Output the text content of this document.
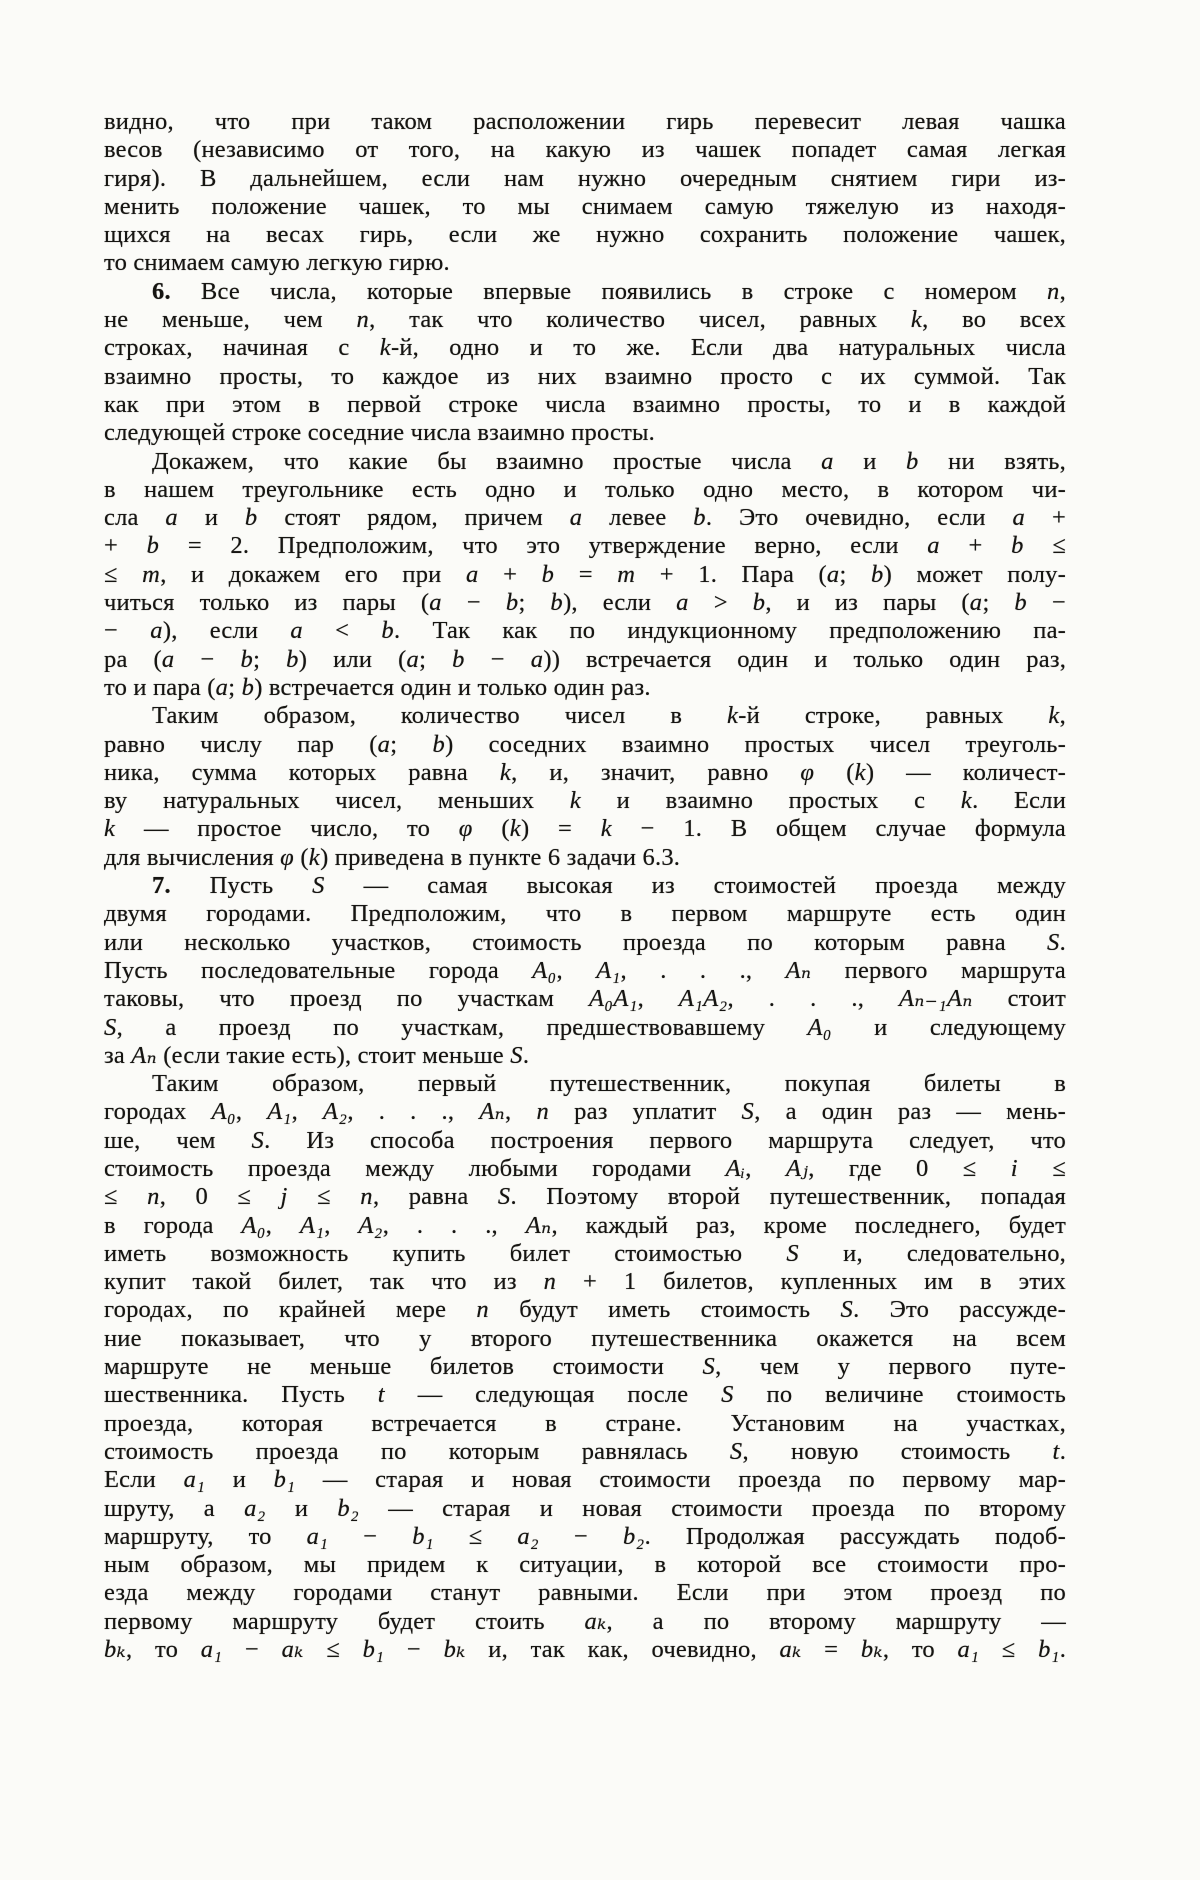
видно, что при таком расположении гирь перевесит левая чашка
весов (независимо от того, на какую из чашек попадет самая легкая
гиря). В дальнейшем, если нам нужно очередным снятием гири из-
менить положение чашек, то мы снимаем самую тяжелую из находя-
щихся на весах гирь, если же нужно сохранить положение чашек,
то снимаем самую легкую гирю.
6. Все числа, которые впервые появились в строке с номером n,
не меньше, чем n, так что количество чисел, равных k, во всех
строках, начиная с k-й, одно и то же. Если два натуральных числа
взаимно просты, то каждое из них взаимно просто с их суммой. Так
как при этом в первой строке числа взаимно просты, то и в каждой
следующей строке соседние числа взаимно просты.
Докажем, что какие бы взаимно простые числа a и b ни взять,
в нашем треугольнике есть одно и только одно место, в котором чи-
сла a и b стоят рядом, причем a левее b. Это очевидно, если a +
+ b = 2. Предположим, что это утверждение верно, если a + b ≤
≤ m, и докажем его при a + b = m + 1. Пара (a; b) может полу-
читься только из пары (a − b; b), если a > b, и из пары (a; b −
− a), если a < b. Так как по индукционному предположению па-
ра (a − b; b) или (a; b − a)) встречается один и только один раз,
то и пара (a; b) встречается один и только один раз.
Таким образом, количество чисел в k-й строке, равных k,
равно числу пар (a; b) соседних взаимно простых чисел треуголь-
ника, сумма которых равна k, и, значит, равно φ (k) — количест-
ву натуральных чисел, меньших k и взаимно простых с k. Если
k — простое число, то φ (k) = k − 1. В общем случае формула
для вычисления φ (k) приведена в пункте 6 задачи 6.3.
7. Пусть S — самая высокая из стоимостей проезда между
двумя городами. Предположим, что в первом маршруте есть один
или несколько участков, стоимость проезда по которым равна S.
Пусть последовательные города A₀, A₁, . . ., Aₙ первого маршрута
таковы, что проезд по участкам A₀A₁, A₁A₂, . . ., Aₙ₋₁Aₙ стоит
S, а проезд по участкам, предшествовавшему A₀ и следующему
за Aₙ (если такие есть), стоит меньше S.
Таким образом, первый путешественник, покупая билеты в
городах A₀, A₁, A₂, . . ., Aₙ, n раз уплатит S, а один раз — мень-
ше, чем S. Из способа построения первого маршрута следует, что
стоимость проезда между любыми городами Aᵢ, Aⱼ, где 0 ≤ i ≤
≤ n, 0 ≤ j ≤ n, равна S. Поэтому второй путешественник, попадая
в города A₀, A₁, A₂, . . ., Aₙ, каждый раз, кроме последнего, будет
иметь возможность купить билет стоимостью S и, следовательно,
купит такой билет, так что из n + 1 билетов, купленных им в этих
городах, по крайней мере n будут иметь стоимость S. Это рассужде-
ние показывает, что у второго путешественника окажется на всем
маршруте не меньше билетов стоимости S, чем у первого путе-
шественника. Пусть t — следующая после S по величине стоимость
проезда, которая встречается в стране. Установим на участках,
стоимость проезда по которым равнялась S, новую стоимость t.
Если a₁ и b₁ — старая и новая стоимости проезда по первому мар-
шруту, а a₂ и b₂ — старая и новая стоимости проезда по второму
маршруту, то a₁ − b₁ ≤ a₂ − b₂. Продолжая рассуждать подоб-
ным образом, мы придем к ситуации, в которой все стоимости про-
езда между городами станут равными. Если при этом проезд по
первому маршруту будет стоить aₖ, а по второму маршруту —
bₖ, то a₁ − aₖ ≤ b₁ − bₖ и, так как, очевидно, aₖ = bₖ, то a₁ ≤ b₁.
